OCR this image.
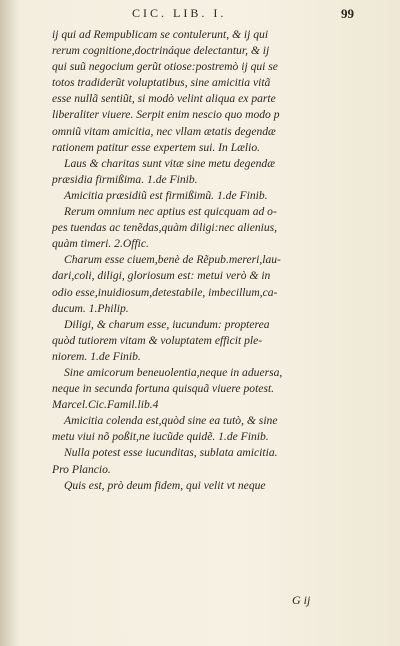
CIC. LIB. I.	99
ij qui ad Rempublicam se contulerunt, & ij qui
rerum cognitione,doctrináque delectantur, & ij
qui suũ negocium gerũt otiose:postremò ij qui se
totos tradiderũt voluptatibus, sine amicitia vitã
esse nullã sentiũt, si modò velint aliqua ex parte
liberaliter viuere. Serpit enim nescio quo modo p
omniũ vitam amicitia, nec vllam ætatis degendæ
rationem patitur esse expertem sui. In Lælio.
Laus & charitas sunt vitæ sine metu degendæ
præsidia firmißima. 1.de Finib.
Amicitia præsidiũ est firmißimũ. 1.de Finib.
Rerum omnium nec aptius est quicquam ad o-
pes tuendas ac tenẽdas,quàm diligi:nec alienius,
quàm timeri. 2.Offic.
Charum esse ciuem,benè de Rẽpub.mereri,lau-
dari,coli, diligi, gloriosum est: metui verò & in
odio esse,inuidiosum,detestabile, imbecillum,ca-
ducum. 1.Philip.
Diligi, & charum esse, iucundum: propterea
quòd tutiorem vitam & voluptatem efficit ple-
niorem. 1.de Finib.
Sine amicorum beneuolentia,neque in aduersa,
neque in secunda fortuna quisquã viuere potest.
Marcel.Cic.Famil.lib.4
Amicitia colenda est,quòd sine ea tutò, & sine
metu viui nõ poßit,ne iucũde quidẽ. 1.de Finib.
Nulla potest esse iucunditas, sublata amicitia.
Pro Plancio.
Quis est, prò deum fidem, qui velit vt neque
G ij
